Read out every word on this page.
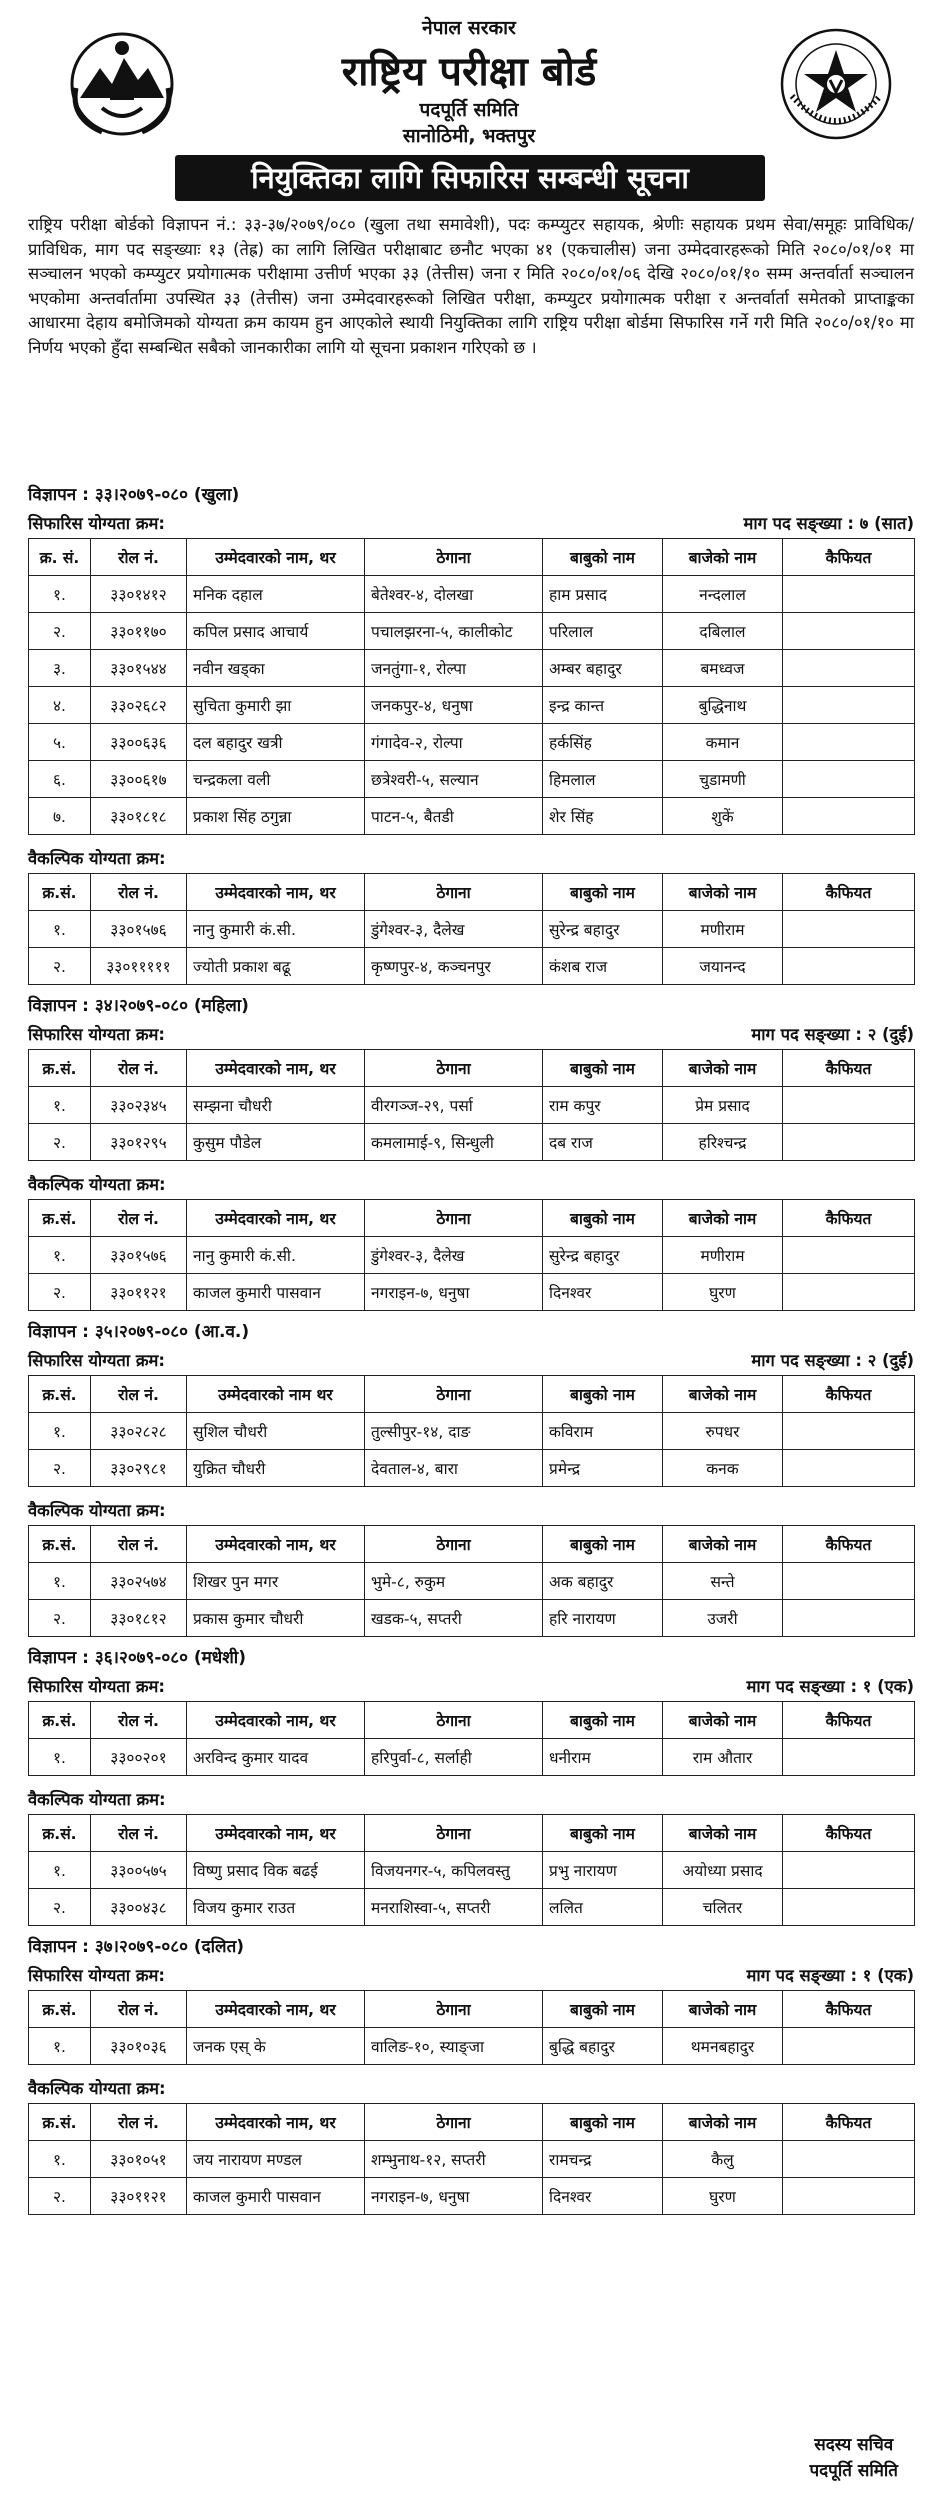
नेपाल सरकार
राष्ट्रिय परीक्षा बोर्ड
पदपूर्ति समिति
सानोठिमी, भक्तपुर
नियुक्तिका लागि सिफारिस सम्बन्धी सूचना
राष्ट्रिय परीक्षा बोर्डको विज्ञापन नं.: ३३-३७/२०७९/०८० (खुला तथा समावेशी), पदः कम्प्युटर सहायक, श्रेणीः सहायक प्रथम सेवा/समूहः प्राविधिक/प्राविधिक, माग पद सङ्ख्याः १३ (तेह्र) का लागि लिखित परीक्षाबाट छनौट भएका ४१ (एकचालीस) जना उम्मेदवारहरूको मिति २०८०/०१/०१ मा सञ्चालन भएको कम्प्युटर प्रयोगात्मक परीक्षामा उत्तीर्ण भएका ३३ (तेत्तीस) जना र मिति २०८०/०१/०६ देखि २०८०/०१/१० सम्म अन्तर्वार्ता सञ्चालन भएकोमा अन्तर्वार्तामा उपस्थित ३३ (तेत्तीस) जना उम्मेदवारहरूको लिखित परीक्षा, कम्प्युटर प्रयोगात्मक परीक्षा र अन्तर्वार्ता समेतको प्राप्ताङ्कका आधारमा देहाय बमोजिमको योग्यता क्रम कायम हुन आएकोले स्थायी नियुक्तिका लागि राष्ट्रिय परीक्षा बोर्डमा सिफारिस गर्ने गरी मिति २०८०/०१/१० मा निर्णय भएको हुँदा सम्बन्धित सबैको जानकारीका लागि यो सूचना प्रकाशन गरिएको छ ।
विज्ञापन : ३३।२०७९-०८० (खुला)
सिफारिस योग्यता क्रम:	माग पद सङ्ख्या : ७ (सात)
क्र. सं.	रोल नं.	उम्मेदवारको नाम, थर	ठेगाना	बाबुको नाम	बाजेको नाम	कैफियत
१.	३३०१४१२	मनिक दहाल	बेतेश्वर-४, दोलखा	हाम प्रसाद	नन्दलाल	
२.	३३०११७०	कपिल प्रसाद आचार्य	पचालझरना-५, कालीकोट	परिलाल	दबिलाल	
३.	३३०१५४४	नवीन खड्का	जनतुंगा-१, रोल्पा	अम्बर बहादुर	बमध्वज	
४.	३३०२६८२	सुचिता कुमारी झा	जनकपुर-४, धनुषा	इन्द्र कान्त	बुद्धिनाथ	
५.	३३००६३६	दल बहादुर खत्री	गंगादेव-२, रोल्पा	हर्कसिंह	कमान	
६.	३३००६१७	चन्द्रकला वली	छत्रेश्वरी-५, सल्यान	हिमलाल	चुडामणी	
७.	३३०१८१८	प्रकाश सिंह ठगुन्ना	पाटन-५, बैतडी	शेर सिंह	शुकें	
वैकल्पिक योग्यता क्रम:
क्र.सं.	रोल नं.	उम्मेदवारको नाम, थर	ठेगाना	बाबुको नाम	बाजेको नाम	कैफियत
१.	३३०१५७६	नानु कुमारी कं.सी.	डुंगेश्वर-३, दैलेख	सुरेन्द्र बहादुर	मणीराम	
२.	३३०१११११	ज्योती प्रकाश बढू	कृष्णपुर-४, कञ्चनपुर	कंशब राज	जयानन्द	
विज्ञापन : ३४।२०७९-०८० (महिला)
सिफारिस योग्यता क्रम:	माग पद सङ्ख्या : २ (दुई)
क्र.सं.	रोल नं.	उम्मेदवारको नाम, थर	ठेगाना	बाबुको नाम	बाजेको नाम	कैफियत
१.	३३०२३४५	सम्झना चौधरी	वीरगञ्ज-२९, पर्सा	राम कपुर	प्रेम प्रसाद	
२.	३३०१२९५	कुसुम पौडेल	कमलामाई-९, सिन्धुली	दब राज	हरिश्चन्द्र	
वैकल्पिक योग्यता क्रम:
क्र.सं.	रोल नं.	उम्मेदवारको नाम, थर	ठेगाना	बाबुको नाम	बाजेको नाम	कैफियत
१.	३३०१५७६	नानु कुमारी कं.सी.	डुंगेश्वर-३, दैलेख	सुरेन्द्र बहादुर	मणीराम	
२.	३३०११२१	काजल कुमारी पासवान	नगराइन-७, धनुषा	दिनश्वर	घुरण	
विज्ञापन : ३५।२०७९-०८० (आ.व.)
सिफारिस योग्यता क्रम:	माग पद सङ्ख्या : २ (दुई)
क्र.सं.	रोल नं.	उम्मेदवारको नाम थर	ठेगाना	बाबुको नाम	बाजेको नाम	कैफियत
१.	३३०२८२८	सुशिल चौधरी	तुल्सीपुर-१४, दाङ	कविराम	रुपधर	
२.	३३०२९८१	युक्रित चौधरी	देवताल-४, बारा	प्रमेन्द्र	कनक	
वैकल्पिक योग्यता क्रम:
क्र.सं.	रोल नं.	उम्मेदवारको नाम, थर	ठेगाना	बाबुको नाम	बाजेको नाम	कैफियत
१.	३३०२५७४	शिखर पुन मगर	भुमे-८, रुकुम	अक बहादुर	सन्ते	
२.	३३०१८१२	प्रकास कुमार चौधरी	खडक-५, सप्तरी	हरि नारायण	उजरी	
विज्ञापन : ३६।२०७९-०८० (मधेशी)
सिफारिस योग्यता क्रम:	माग पद सङ्ख्या : १ (एक)
क्र.सं.	रोल नं.	उम्मेदवारको नाम, थर	ठेगाना	बाबुको नाम	बाजेको नाम	कैफियत
१.	३३००२०१	अरविन्द कुमार यादव	हरिपुर्वा-८, सर्लाही	धनीराम	राम औतार	
वैकल्पिक योग्यता क्रम:
क्र.सं.	रोल नं.	उम्मेदवारको नाम, थर	ठेगाना	बाबुको नाम	बाजेको नाम	कैफियत
१.	३३००५७५	विष्णु प्रसाद विक बढई	विजयनगर-५, कपिलवस्तु	प्रभु नारायण	अयोध्या प्रसाद	
२.	३३००४३८	विजय कुमार राउत	मनराशिस्वा-५, सप्तरी	ललित	चलितर	
विज्ञापन : ३७।२०७९-०८० (दलित)
सिफारिस योग्यता क्रम:	माग पद सङ्ख्या : १ (एक)
क्र.सं.	रोल नं.	उम्मेदवारको नाम, थर	ठेगाना	बाबुको नाम	बाजेको नाम	कैफियत
१.	३३०१०३६	जनक एस् के	वालिङ-१०, स्याङ्जा	बुद्धि बहादुर	थमनबहादुर	
वैकल्पिक योग्यता क्रम:
क्र.सं.	रोल नं.	उम्मेदवारको नाम, थर	ठेगाना	बाबुको नाम	बाजेको नाम	कैफियत
१.	३३०१०५१	जय नारायण मण्डल	शम्भुनाथ-१२, सप्तरी	रामचन्द्र	कैलु	
२.	३३०११२१	काजल कुमारी पासवान	नगराइन-७, धनुषा	दिनश्वर	घुरण	
सदस्य सचिव
पदपूर्ति समिति
